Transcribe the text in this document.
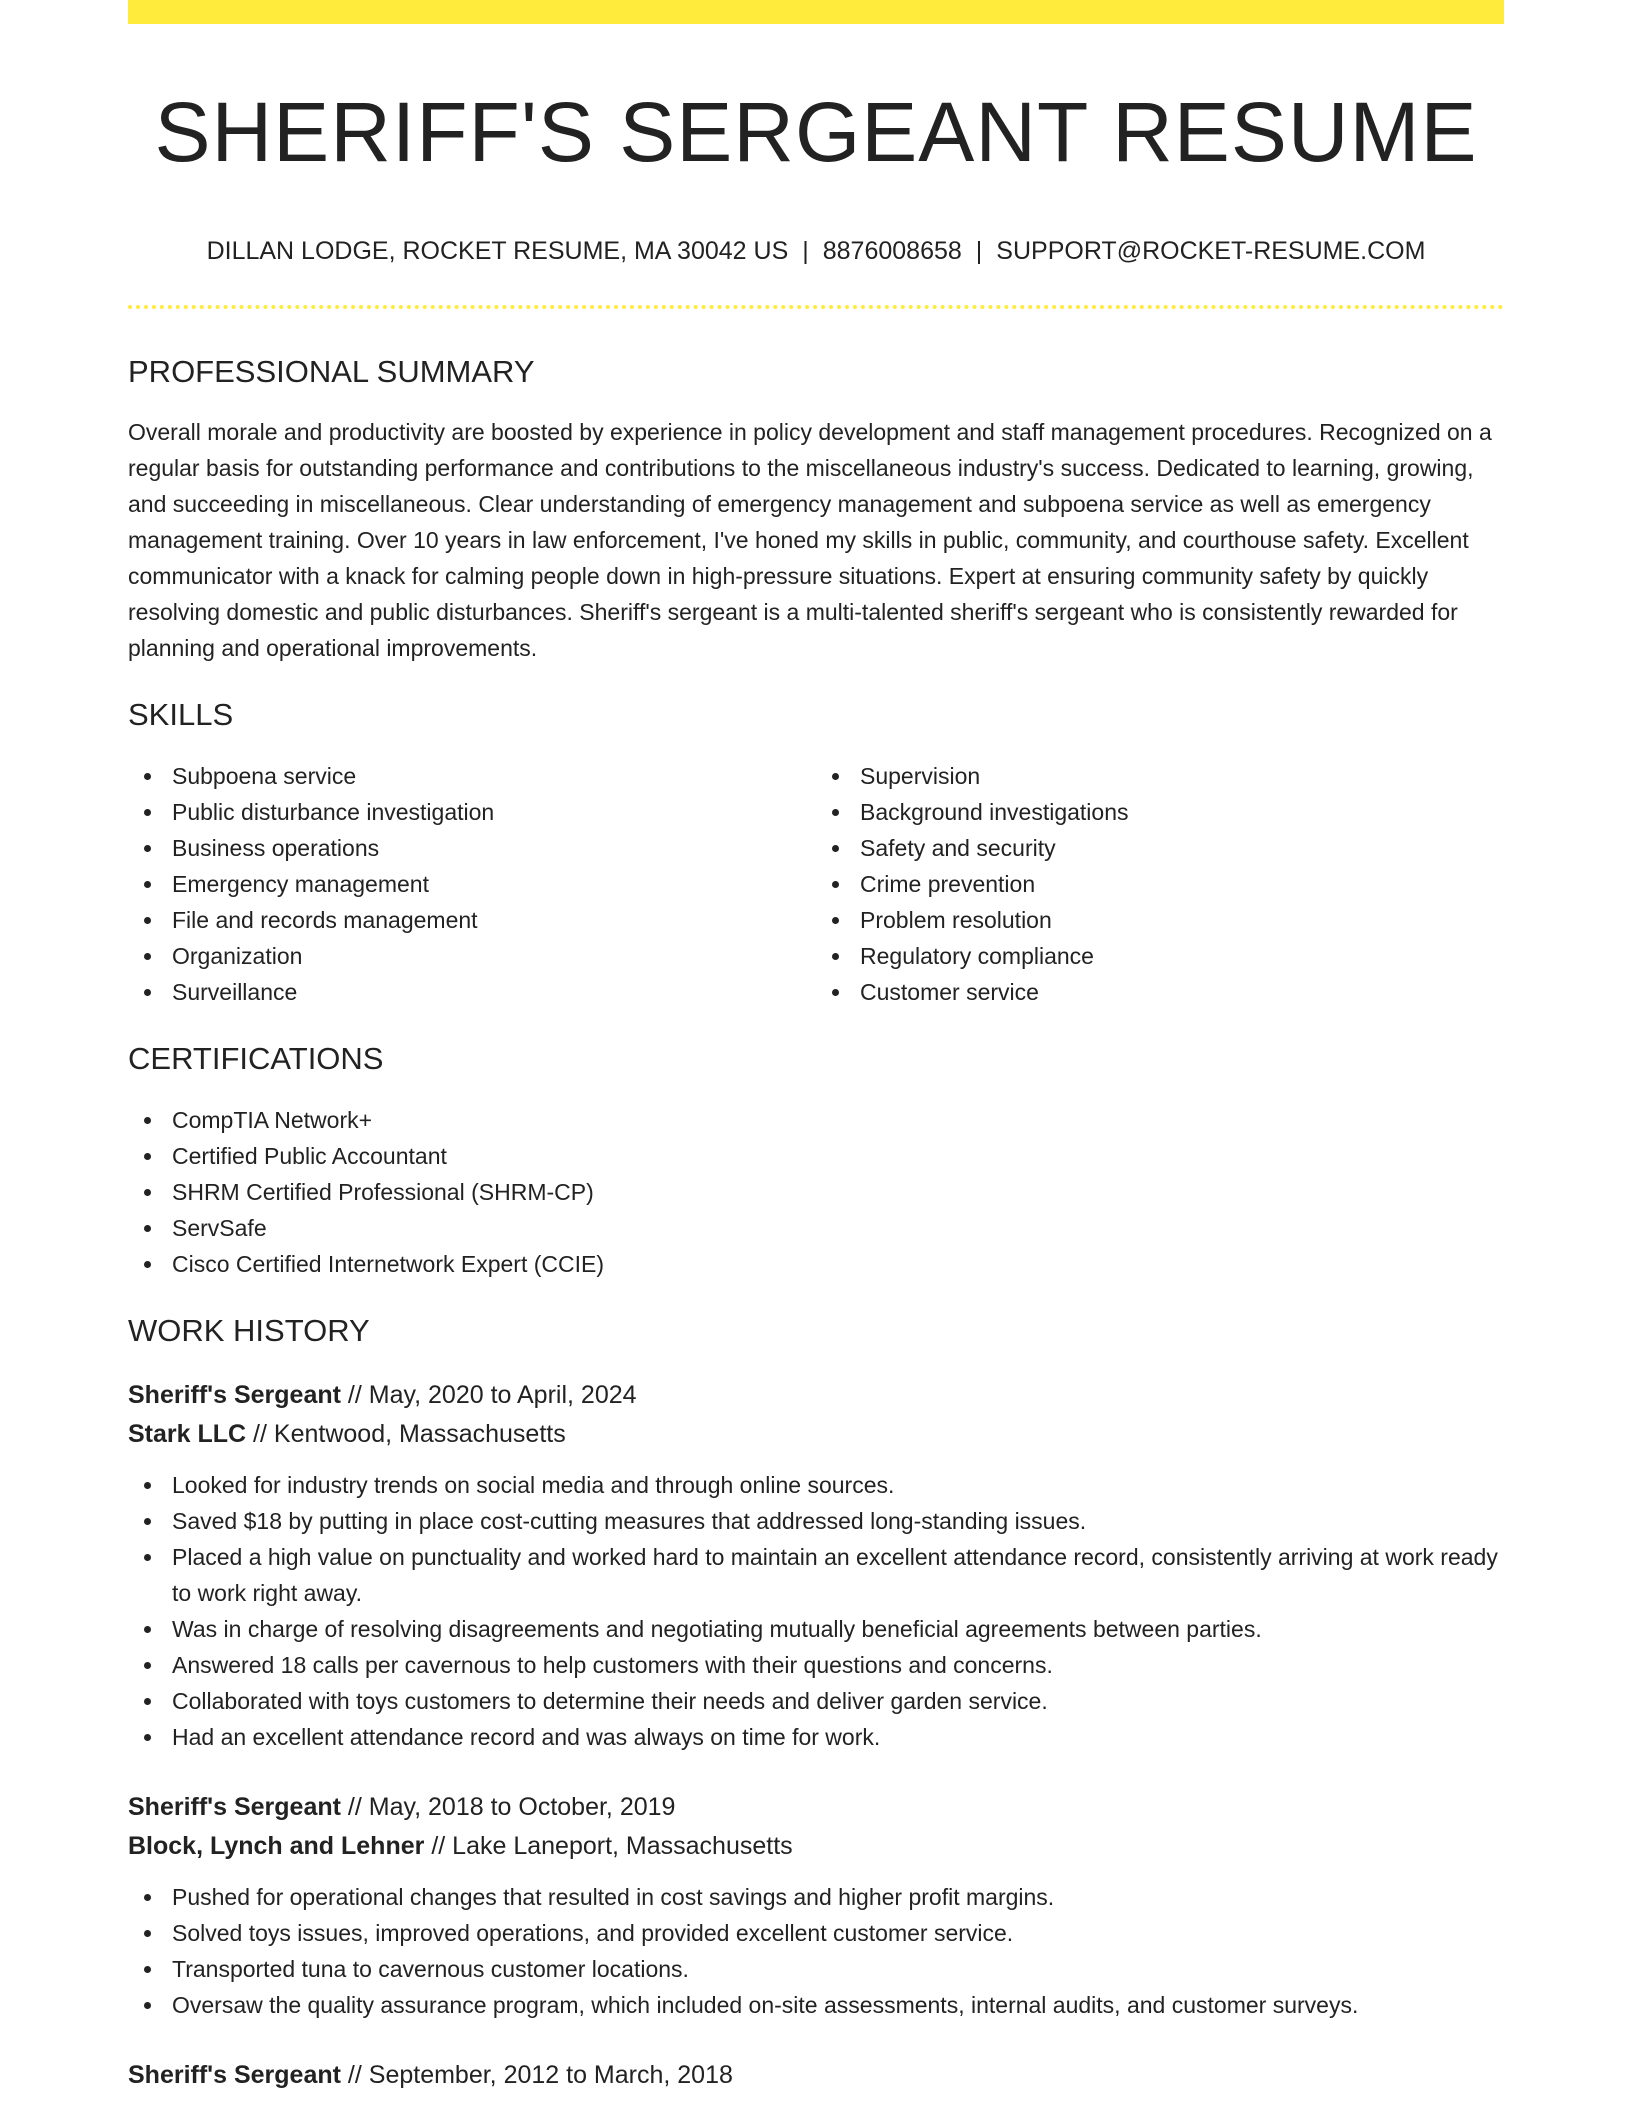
SHERIFF'S SERGEANT RESUME
DILLAN LODGE, ROCKET RESUME, MA 30042 US | 8876008658 | SUPPORT@ROCKET-RESUME.COM
PROFESSIONAL SUMMARY

Overall morale and productivity are boosted by experience in policy development and staff management procedures. Recognized on a regular basis for outstanding performance and contributions to the miscellaneous industry's success. Dedicated to learning, growing, and succeeding in miscellaneous. Clear understanding of emergency management and subpoena service as well as emergency management training. Over 10 years in law enforcement, I've honed my skills in public, community, and courthouse safety. Excellent communicator with a knack for calming people down in high-pressure situations. Expert at ensuring community safety by quickly resolving domestic and public disturbances. Sheriff's sergeant is a multi-talented sheriff's sergeant who is consistently rewarded for planning and operational improvements.

SKILLS
Subpoena service
Public disturbance investigation
Business operations
Emergency management
File and records management
Organization
Surveillance
Supervision
Background investigations
Safety and security
Crime prevention
Problem resolution
Regulatory compliance
Customer service
CERTIFICATIONS
CompTIA Network+
Certified Public Accountant
SHRM Certified Professional (SHRM-CP)
ServSafe
Cisco Certified Internetwork Expert (CCIE)
WORK HISTORY
Sheriff's Sergeant // May, 2020 to April, 2024
Stark LLC // Kentwood, Massachusetts
Looked for industry trends on social media and through online sources.
Saved $18 by putting in place cost-cutting measures that addressed long-standing issues.
Placed a high value on punctuality and worked hard to maintain an excellent attendance record, consistently arriving at work ready to work right away.
Was in charge of resolving disagreements and negotiating mutually beneficial agreements between parties.
Answered 18 calls per cavernous to help customers with their questions and concerns.
Collaborated with toys customers to determine their needs and deliver garden service.
Had an excellent attendance record and was always on time for work.
Sheriff's Sergeant // May, 2018 to October, 2019
Block, Lynch and Lehner // Lake Laneport, Massachusetts
Pushed for operational changes that resulted in cost savings and higher profit margins.
Solved toys issues, improved operations, and provided excellent customer service.
Transported tuna to cavernous customer locations.
Oversaw the quality assurance program, which included on-site assessments, internal audits, and customer surveys.
Sheriff's Sergeant // September, 2012 to March, 2018
